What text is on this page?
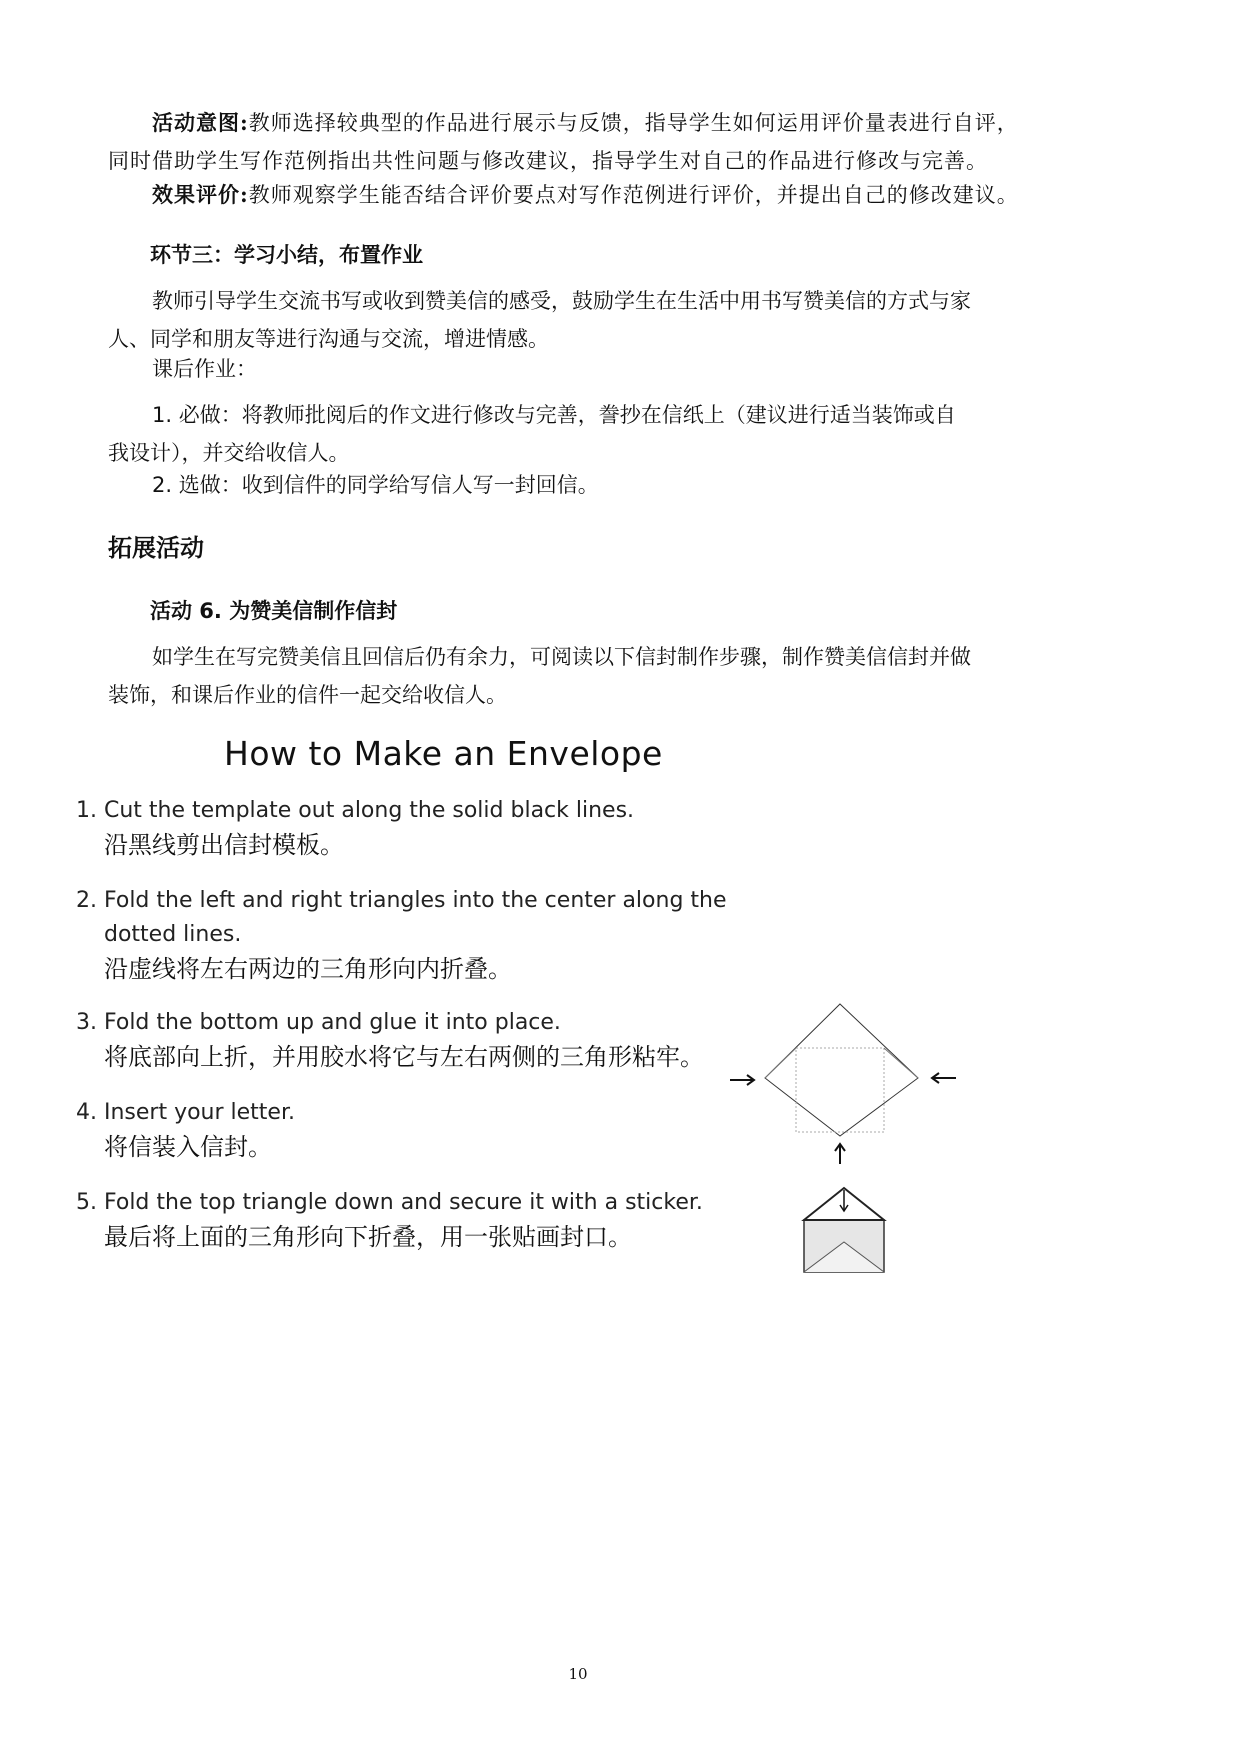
活动意图:教师选择较典型的作品进行展示与反馈，指导学生如何运用评价量表进行自评，
同时借助学生写作范例指出共性问题与修改建议，指导学生对自己的作品进行修改与完善。
效果评价:教师观察学生能否结合评价要点对写作范例进行评价，并提出自己的修改建议。
环节三：学习小结，布置作业
教师引导学生交流书写或收到赞美信的感受，鼓励学生在生活中用书写赞美信的方式与家
人、同学和朋友等进行沟通与交流，增进情感。
课后作业：
1. 必做：将教师批阅后的作文进行修改与完善，誊抄在信纸上（建议进行适当装饰或自
我设计），并交给收信人。
2. 选做：收到信件的同学给写信人写一封回信。
拓展活动
活动 6. 为赞美信制作信封
如学生在写完赞美信且回信后仍有余力，可阅读以下信封制作步骤，制作赞美信信封并做
装饰，和课后作业的信件一起交给收信人。
How to Make an Envelope
1. Cut the template out along the solid black lines.
沿黑线剪出信封模板。
2. Fold the left and right triangles into the center along the
dotted lines.
沿虚线将左右两边的三角形向内折叠。
3. Fold the bottom up and glue it into place.
将底部向上折，并用胶水将它与左右两侧的三角形粘牢。
4. Insert your letter.
将信装入信封。
5. Fold the top triangle down and secure it with a sticker.
最后将上面的三角形向下折叠，用一张贴画封口。
10
